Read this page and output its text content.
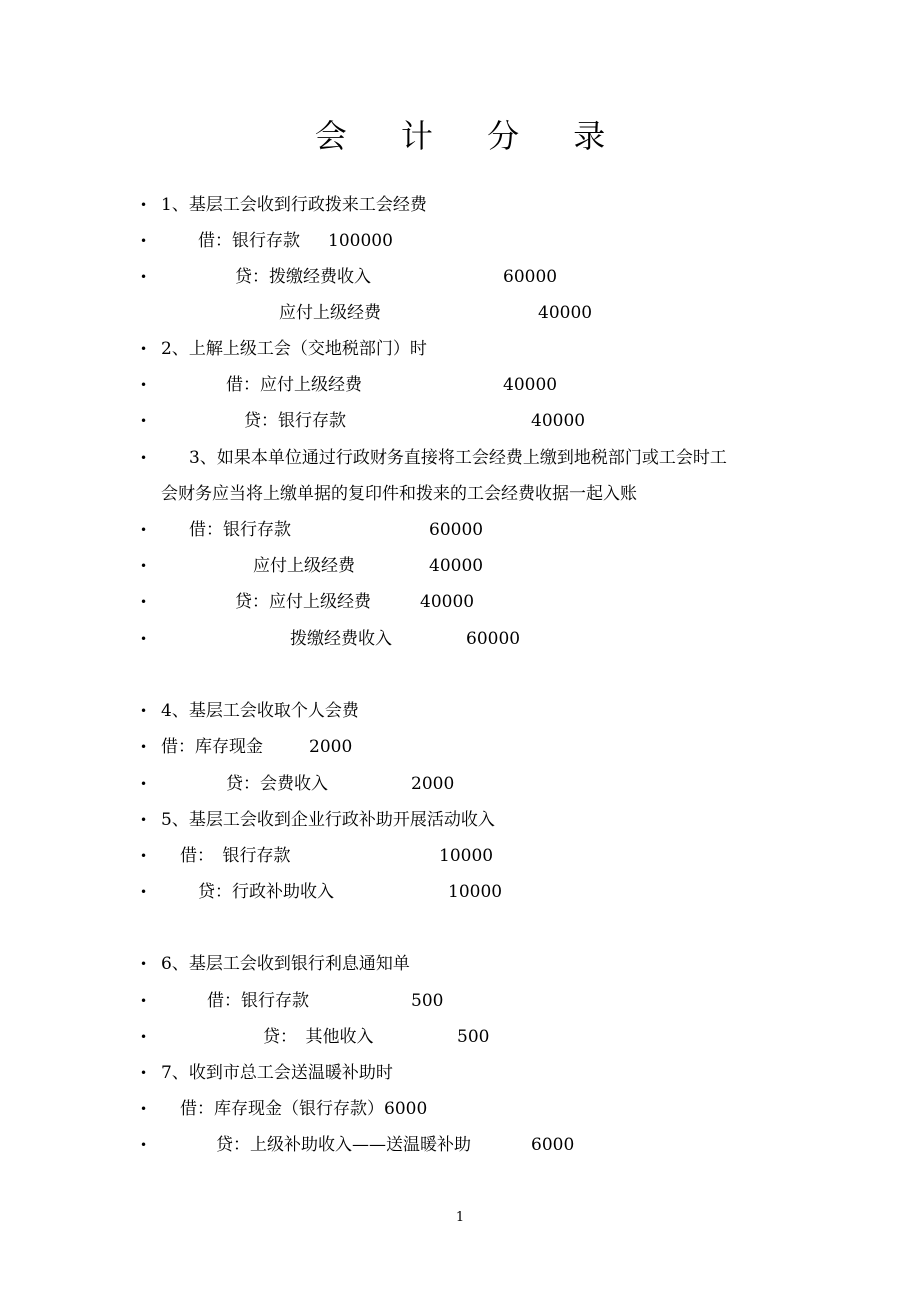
会 计 分 录
• 1、基层工会收到行政拨来工会经费
•	借：银行存款 100000
•	贷：拨缴经费收入	60000
应付上级经费	40000
• 2、上解上级工会（交地税部门）时
•	借：应付上级经费	40000
•	贷：银行存款	40000
• 3、如果本单位通过行政财务直接将工会经费上缴到地税部门或工会时工
会财务应当将上缴单据的复印件和拨来的工会经费收据一起入账
• 借：银行存款	60000
•	应付上级经费	40000
•	贷：应付上级经费	40000
•	拨缴经费收入	60000
• 4、基层工会收取个人会费
• 借：库存现金	2000
•	贷：会费收入	2000
• 5、基层工会收到企业行政补助开展活动收入
• 借：　银行存款	10000
•	贷：行政补助收入	10000
• 6、基层工会收到银行利息通知单
•	借：银行存款	500
•	贷：　其他收入	500
• 7、收到市总工会送温暖补助时
• 借：库存现金（银行存款）6000
•	贷：上级补助收入——送温暖补助	6000
1
